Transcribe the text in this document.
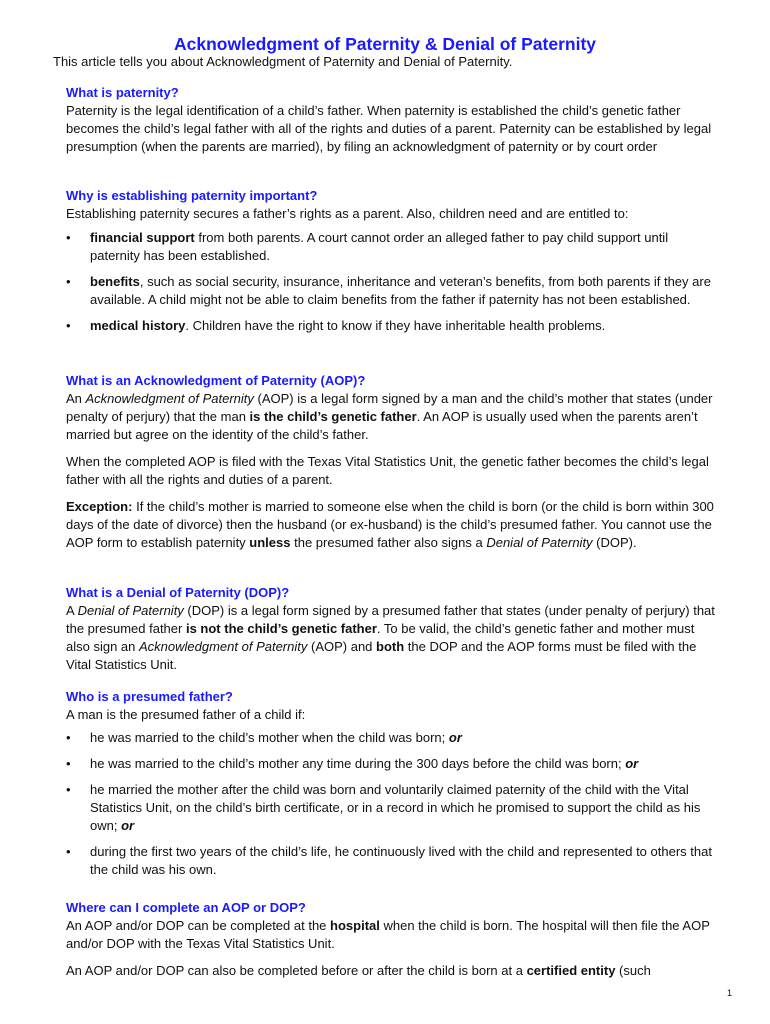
Acknowledgment of Paternity & Denial of Paternity

This article tells you about Acknowledgment of Paternity and Denial of Paternity.

What is paternity?

Paternity is the legal identification of a child’s father. When paternity is established the child’s genetic father becomes the child’s legal father with all of the rights and duties of a parent. Paternity can be established by legal presumption (when the parents are married), by filing an acknowledgment of paternity or by court order

Why is establishing paternity important?

Establishing paternity secures a father’s rights as a parent. Also, children need and are entitled to:

• financial support from both parents. A court cannot order an alleged father to pay child support until paternity has been established.
• benefits, such as social security, insurance, inheritance and veteran’s benefits, from both parents if they are available. A child might not be able to claim benefits from the father if paternity has not been established.
• medical history. Children have the right to know if they have inheritable health problems.
What is an Acknowledgment of Paternity (AOP)?

An Acknowledgment of Paternity (AOP) is a legal form signed by a man and the child’s mother that states (under penalty of perjury) that the man is the child’s genetic father. An AOP is usually used when the parents aren’t married but agree on the identity of the child’s father.

When the completed AOP is filed with the Texas Vital Statistics Unit, the genetic father becomes the child’s legal father with all the rights and duties of a parent.

Exception: If the child’s mother is married to someone else when the child is born (or the child is born within 300 days of the date of divorce) then the husband (or ex-husband) is the child’s presumed father. You cannot use the AOP form to establish paternity unless the presumed father also signs a Denial of Paternity (DOP).

What is a Denial of Paternity (DOP)?

A Denial of Paternity (DOP) is a legal form signed by a presumed father that states (under penalty of perjury) that the presumed father is not the child’s genetic father. To be valid, the child’s genetic father and mother must also sign an Acknowledgment of Paternity (AOP) and both the DOP and the AOP forms must be filed with the Vital Statistics Unit.

Who is a presumed father?

A man is the presumed father of a child if:

• he was married to the child’s mother when the child was born; or
• he was married to the child’s mother any time during the 300 days before the child was born; or
• he married the mother after the child was born and voluntarily claimed paternity of the child with the Vital Statistics Unit, on the child’s birth certificate, or in a record in which he promised to support the child as his own; or
• during the first two years of the child’s life, he continuously lived with the child and represented to others that the child was his own.
Where can I complete an AOP or DOP?

An AOP and/or DOP can be completed at the hospital when the child is born. The hospital will then file the AOP and/or DOP with the Texas Vital Statistics Unit.

An AOP and/or DOP can also be completed before or after the child is born at a certified entity (such

1
